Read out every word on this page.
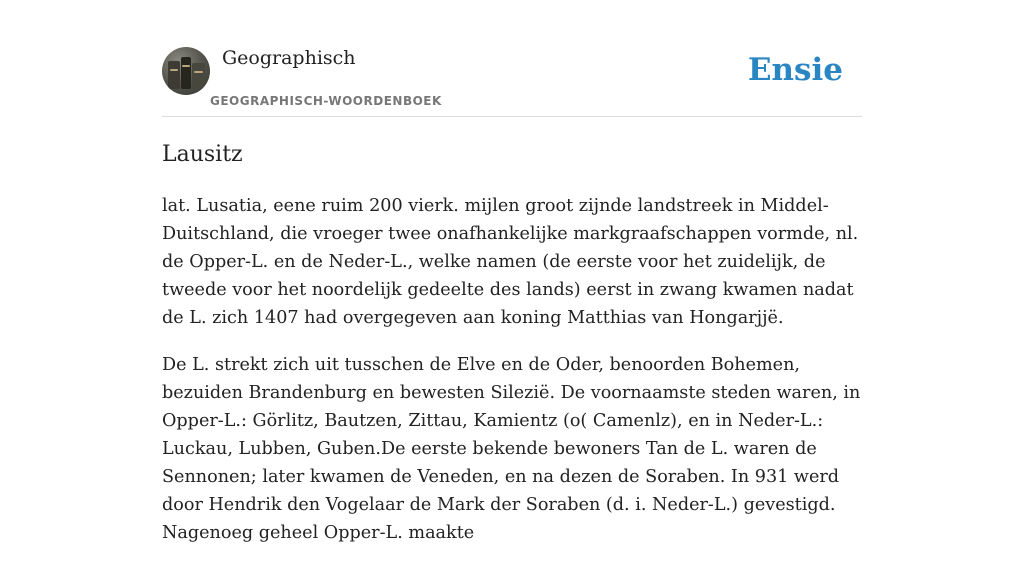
Geographisch
GEOGRAPHISCH-WOORDENBOEK
Ensie
Lausitz

lat. Lusatia, eene ruim 200 vierk. mijlen groot zijnde landstreek in Middel-Duitschland, die vroeger twee onafhankelijke markgraafschappen vormde, nl. de Opper-L. en de Neder-L., welke namen (de eerste voor het zuidelijk, de tweede voor het noordelijk gedeelte des lands) eerst in zwang kwamen nadat de L. zich 1407 had overgegeven aan koning Matthias van Hongarjjë.

De L. strekt zich uit tusschen de Elve en de Oder, benoorden Bohemen, bezuiden Brandenburg en bewesten Silezië. De voornaamste steden waren, in Opper-L.: Görlitz, Bautzen, Zittau, Kamientz (o( Camenlz), en in Neder-L.: Luckau, Lubben, Guben.De eerste bekende bewoners Tan de L. waren de Sennonen; later kwamen de Veneden, en na dezen de Soraben. In 931 werd door Hendrik den Vogelaar de Mark der Soraben (d. i. Neder-L.) gevestigd. Nagenoeg geheel Opper-L. maakte
